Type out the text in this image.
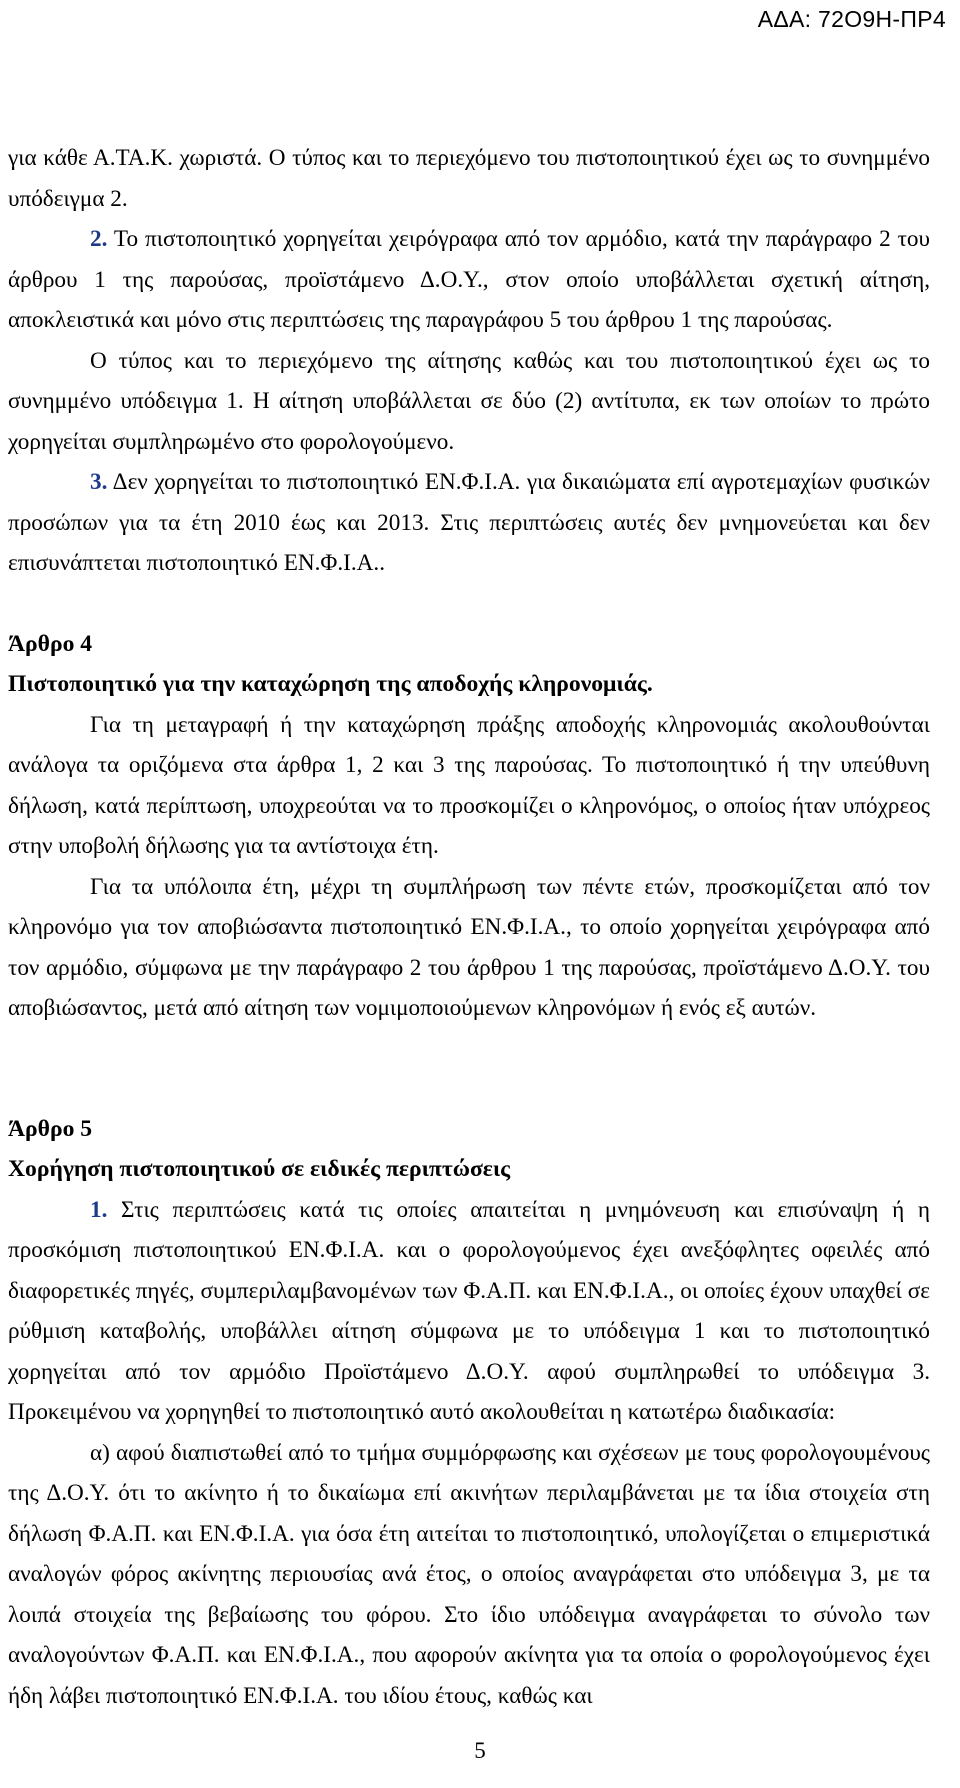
ΑΔΑ: 72Ο9Η-ΠΡ4

για κάθε Α.ΤΑ.Κ. χωριστά. Ο τύπος και το περιεχόμενο του πιστοποιητικού έχει ως το συνημμένο υπόδειγμα 2.

2. Το πιστοποιητικό χορηγείται χειρόγραφα από τον αρμόδιο, κατά την παράγραφο 2 του άρθρου 1 της παρούσας, προϊστάμενο Δ.Ο.Υ., στον οποίο υποβάλλεται σχετική αίτηση, αποκλειστικά και μόνο στις περιπτώσεις της παραγράφου 5 του άρθρου 1 της παρούσας.

Ο τύπος και το περιεχόμενο της αίτησης καθώς και του πιστοποιητικού έχει ως το συνημμένο υπόδειγμα 1. Η αίτηση υποβάλλεται σε δύο (2) αντίτυπα, εκ των οποίων το πρώτο χορηγείται συμπληρωμένο στο φορολογούμενο.

3. Δεν χορηγείται το πιστοποιητικό ΕΝ.Φ.Ι.Α. για δικαιώματα επί αγροτεμαχίων φυσικών προσώπων για τα έτη 2010 έως και 2013. Στις περιπτώσεις αυτές δεν μνημονεύεται και δεν επισυνάπτεται πιστοποιητικό ΕΝ.Φ.Ι.Α..

Άρθρο 4

Πιστοποιητικό για την καταχώρηση της αποδοχής κληρονομιάς.

Για τη μεταγραφή ή την καταχώρηση πράξης αποδοχής κληρονομιάς ακολουθούνται ανάλογα τα οριζόμενα στα άρθρα 1, 2 και 3 της παρούσας. Το πιστοποιητικό ή την υπεύθυνη δήλωση, κατά περίπτωση, υποχρεούται να το προσκομίζει ο κληρονόμος, ο οποίος ήταν υπόχρεος στην υποβολή δήλωσης για τα αντίστοιχα έτη.

Για τα υπόλοιπα έτη, μέχρι τη συμπλήρωση των πέντε ετών, προσκομίζεται από τον κληρονόμο για τον αποβιώσαντα πιστοποιητικό ΕΝ.Φ.Ι.Α., το οποίο χορηγείται χειρόγραφα από τον αρμόδιο, σύμφωνα με την παράγραφο 2 του άρθρου 1 της παρούσας, προϊστάμενο Δ.Ο.Υ. του αποβιώσαντος, μετά από αίτηση των νομιμοποιούμενων κληρονόμων ή ενός εξ αυτών.

Άρθρο 5

Χορήγηση πιστοποιητικού σε ειδικές περιπτώσεις

1. Στις περιπτώσεις κατά τις οποίες απαιτείται η μνημόνευση και επισύναψη ή η προσκόμιση πιστοποιητικού ΕΝ.Φ.Ι.Α. και ο φορολογούμενος έχει ανεξόφλητες οφειλές από διαφορετικές πηγές, συμπεριλαμβανομένων των Φ.Α.Π. και ΕΝ.Φ.Ι.Α., οι οποίες έχουν υπαχθεί σε ρύθμιση καταβολής, υποβάλλει αίτηση σύμφωνα με το υπόδειγμα 1 και το πιστοποιητικό χορηγείται από τον αρμόδιο Προϊστάμενο Δ.Ο.Υ. αφού συμπληρωθεί το υπόδειγμα 3. Προκειμένου να χορηγηθεί το πιστοποιητικό αυτό ακολουθείται η κατωτέρω διαδικασία:

α) αφού διαπιστωθεί από το τμήμα συμμόρφωσης και σχέσεων με τους φορολογουμένους της Δ.Ο.Υ. ότι το ακίνητο ή το δικαίωμα επί ακινήτων περιλαμβάνεται με τα ίδια στοιχεία στη δήλωση Φ.Α.Π. και ΕΝ.Φ.Ι.Α. για όσα έτη αιτείται το πιστοποιητικό, υπολογίζεται ο επιμεριστικά αναλογών φόρος ακίνητης περιουσίας ανά έτος, ο οποίος αναγράφεται στο υπόδειγμα 3, με τα λοιπά στοιχεία της βεβαίωσης του φόρου. Στο ίδιο υπόδειγμα αναγράφεται το σύνολο των αναλογούντων Φ.Α.Π. και ΕΝ.Φ.Ι.Α., που αφορούν ακίνητα για τα οποία ο φορολογούμενος έχει ήδη λάβει πιστοποιητικό ΕΝ.Φ.Ι.Α. του ιδίου έτους, καθώς και

5
